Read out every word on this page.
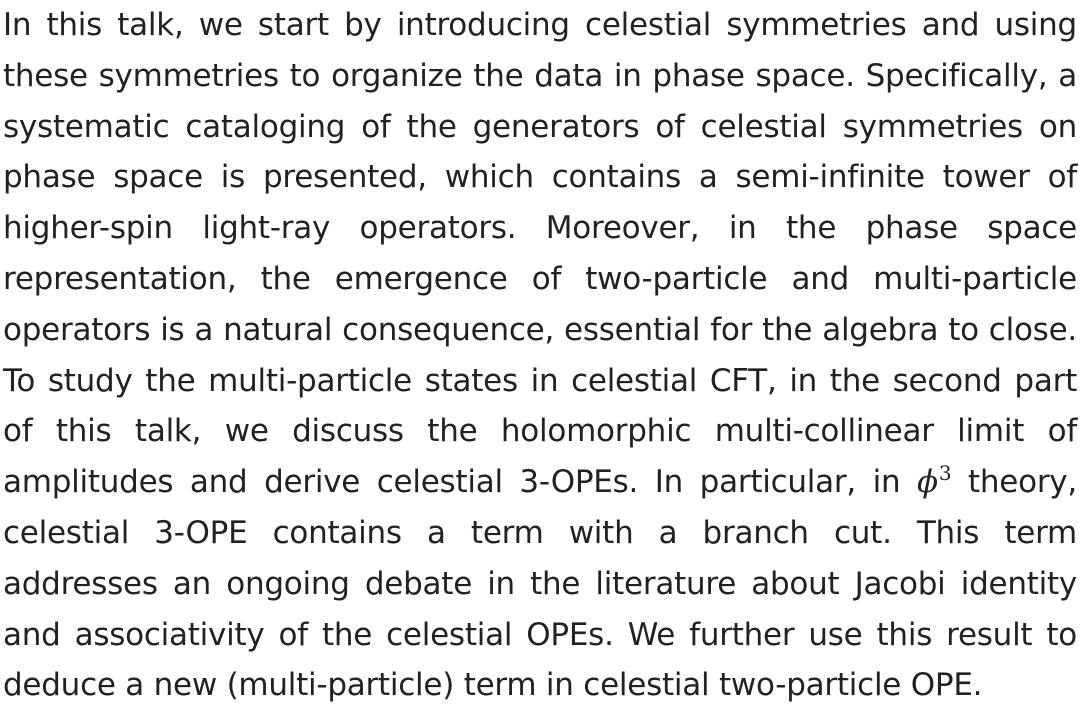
In this talk, we start by introducing celestial symmetries and using these symmetries to organize the data in phase space. Specifically, a systematic cataloging of the generators of celestial symmetries on phase space is presented, which contains a semi-infinite tower of higher-spin light-ray operators. Moreover, in the phase space representation, the emergence of two-particle and multi-particle operators is a natural consequence, essential for the algebra to close. To study the multi-particle states in celestial CFT, in the second part of this talk, we discuss the holomorphic multi-collinear limit of amplitudes and derive celestial 3-OPEs. In particular, in $\phi^3$ theory, celestial 3-OPE contains a term with a branch cut. This term addresses an ongoing debate in the literature about Jacobi identity and associativity of the celestial OPEs. We further use this result to deduce a new (multi-particle) term in celestial two-particle OPE.
